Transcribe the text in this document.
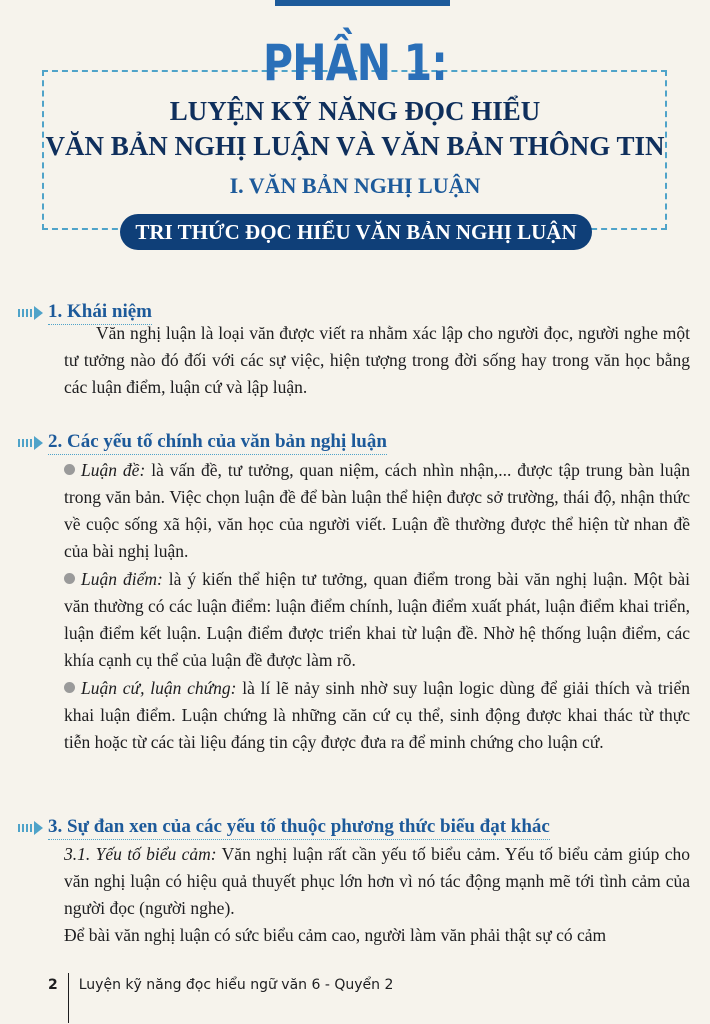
PHẦN 1:
LUYỆN KỸ NĂNG ĐỌC HIỂU
VĂN BẢN NGHỊ LUẬN VÀ VĂN BẢN THÔNG TIN
I. VĂN BẢN NGHỊ LUẬN
TRI THỨC ĐỌC HIỂU VĂN BẢN NGHỊ LUẬN
1. Khái niệm

Văn nghị luận là loại văn được viết ra nhằm xác lập cho người đọc, người nghe một tư tưởng nào đó đối với các sự việc, hiện tượng trong đời sống hay trong văn học bằng các luận điểm, luận cứ và lập luận.

2. Các yếu tố chính của văn bản nghị luận

Luận đề: là vấn đề, tư tưởng, quan niệm, cách nhìn nhận,... được tập trung bàn luận trong văn bản. Việc chọn luận đề để bàn luận thể hiện được sở trường, thái độ, nhận thức về cuộc sống xã hội, văn học của người viết. Luận đề thường được thể hiện từ nhan đề của bài nghị luận.

Luận điểm: là ý kiến thể hiện tư tưởng, quan điểm trong bài văn nghị luận. Một bài văn thường có các luận điểm: luận điểm chính, luận điểm xuất phát, luận điểm khai triển, luận điểm kết luận. Luận điểm được triển khai từ luận đề. Nhờ hệ thống luận điểm, các khía cạnh cụ thể của luận đề được làm rõ.

Luận cứ, luận chứng: là lí lẽ nảy sinh nhờ suy luận logic dùng để giải thích và triển khai luận điểm. Luận chứng là những căn cứ cụ thể, sinh động được khai thác từ thực tiễn hoặc từ các tài liệu đáng tin cậy được đưa ra để minh chứng cho luận cứ.

3. Sự đan xen của các yếu tố thuộc phương thức biểu đạt khác

3.1. Yếu tố biểu cảm: Văn nghị luận rất cần yếu tố biểu cảm. Yếu tố biểu cảm giúp cho văn nghị luận có hiệu quả thuyết phục lớn hơn vì nó tác động mạnh mẽ tới tình cảm của người đọc (người nghe).

Để bài văn nghị luận có sức biểu cảm cao, người làm văn phải thật sự có cảm

2 Luyện kỹ năng đọc hiểu ngữ văn 6 - Quyển 2
